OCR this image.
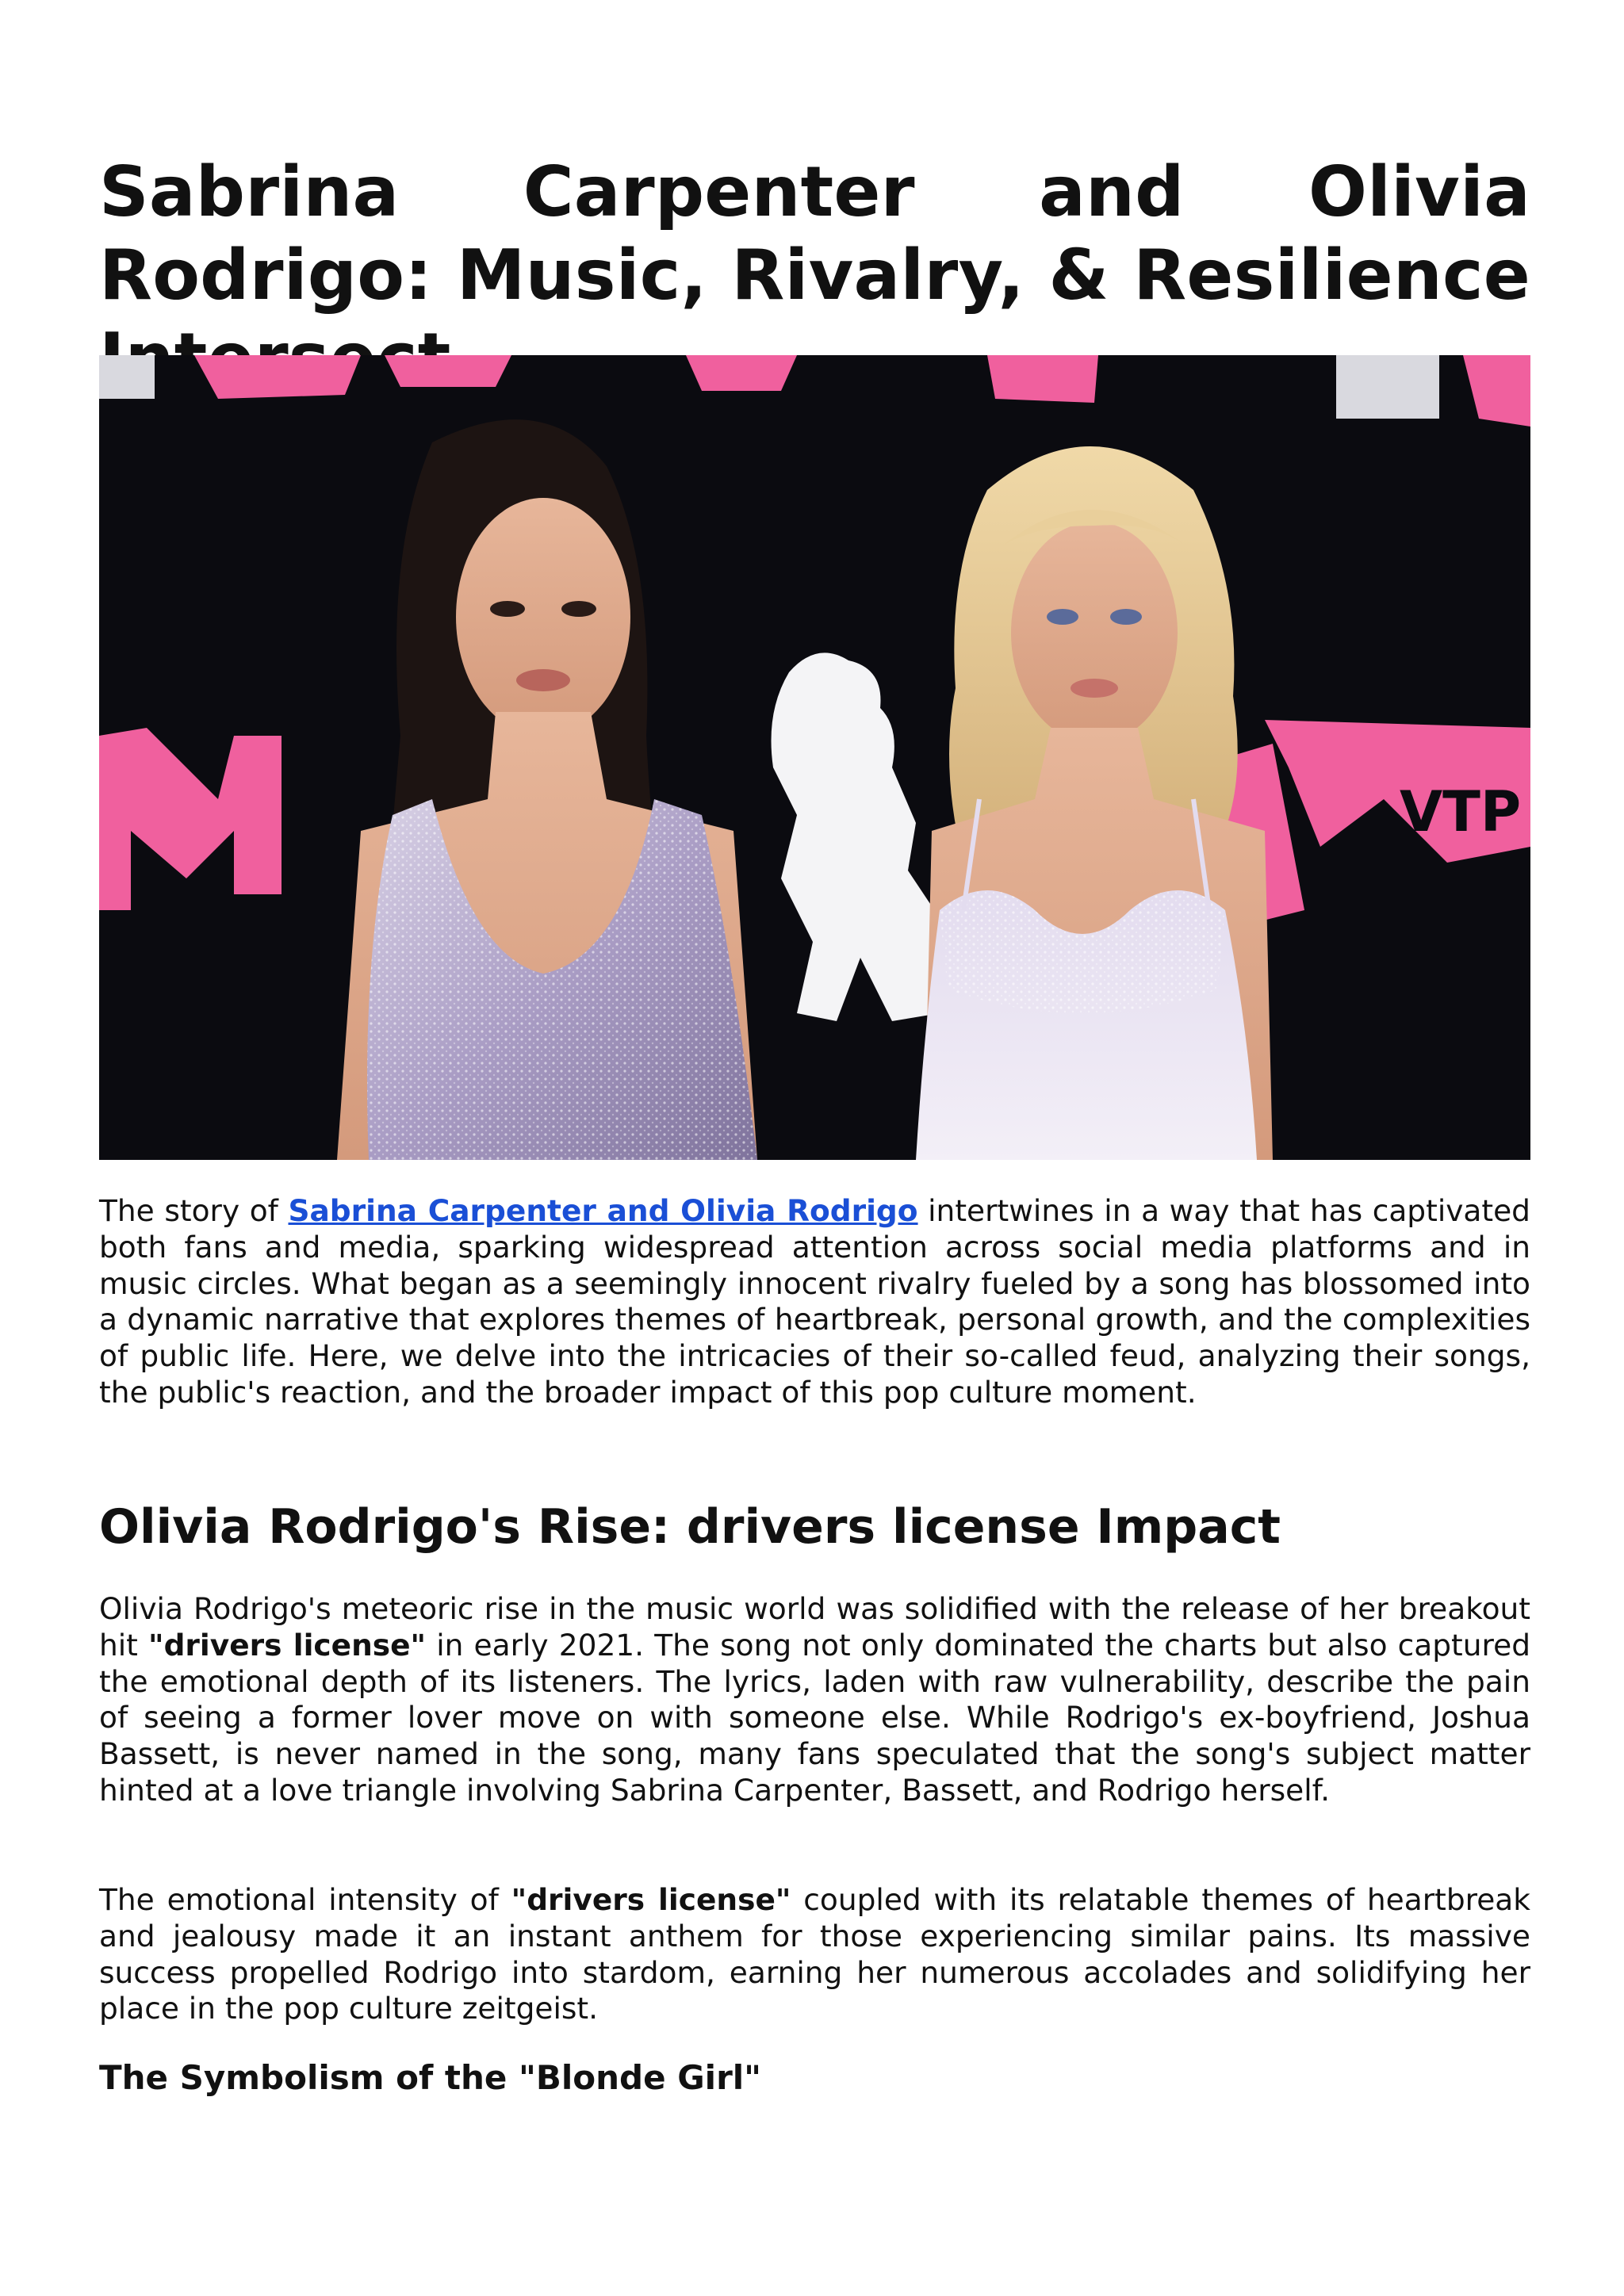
Sabrina Carpenter and Olivia Rodrigo: Music, Rivalry, & Resilience
VTP

The story of Sabrina Carpenter and Olivia Rodrigo intertwines in a way that has captivated both fans and media, sparking widespread attention across social media platforms and in music circles. What began as a seemingly innocent rivalry fueled by a song has blossomed into a dynamic narrative that explores themes of heartbreak, personal growth, and the complexities of public life. Here, we delve into the intricacies of their so-called feud, analyzing their songs, the public's reaction, and the broader impact of this pop culture moment.

Olivia Rodrigo's Rise: drivers license Impact

Olivia Rodrigo's meteoric rise in the music world was solidified with the release of her breakout hit "drivers license" in early 2021. The song not only dominated the charts but also captured the emotional depth of its listeners. The lyrics, laden with raw vulnerability, describe the pain of seeing a former lover move on with someone else. While Rodrigo's ex-boyfriend, Joshua Bassett, is never named in the song, many fans speculated that the song's subject matter hinted at a love triangle involving Sabrina Carpenter, Bassett, and Rodrigo herself.

The emotional intensity of "drivers license" coupled with its relatable themes of heartbreak and jealousy made it an instant anthem for those experiencing similar pains. Its massive success propelled Rodrigo into stardom, earning her numerous accolades and solidifying her place in the pop culture zeitgeist.

The Symbolism of the "Blonde Girl"
